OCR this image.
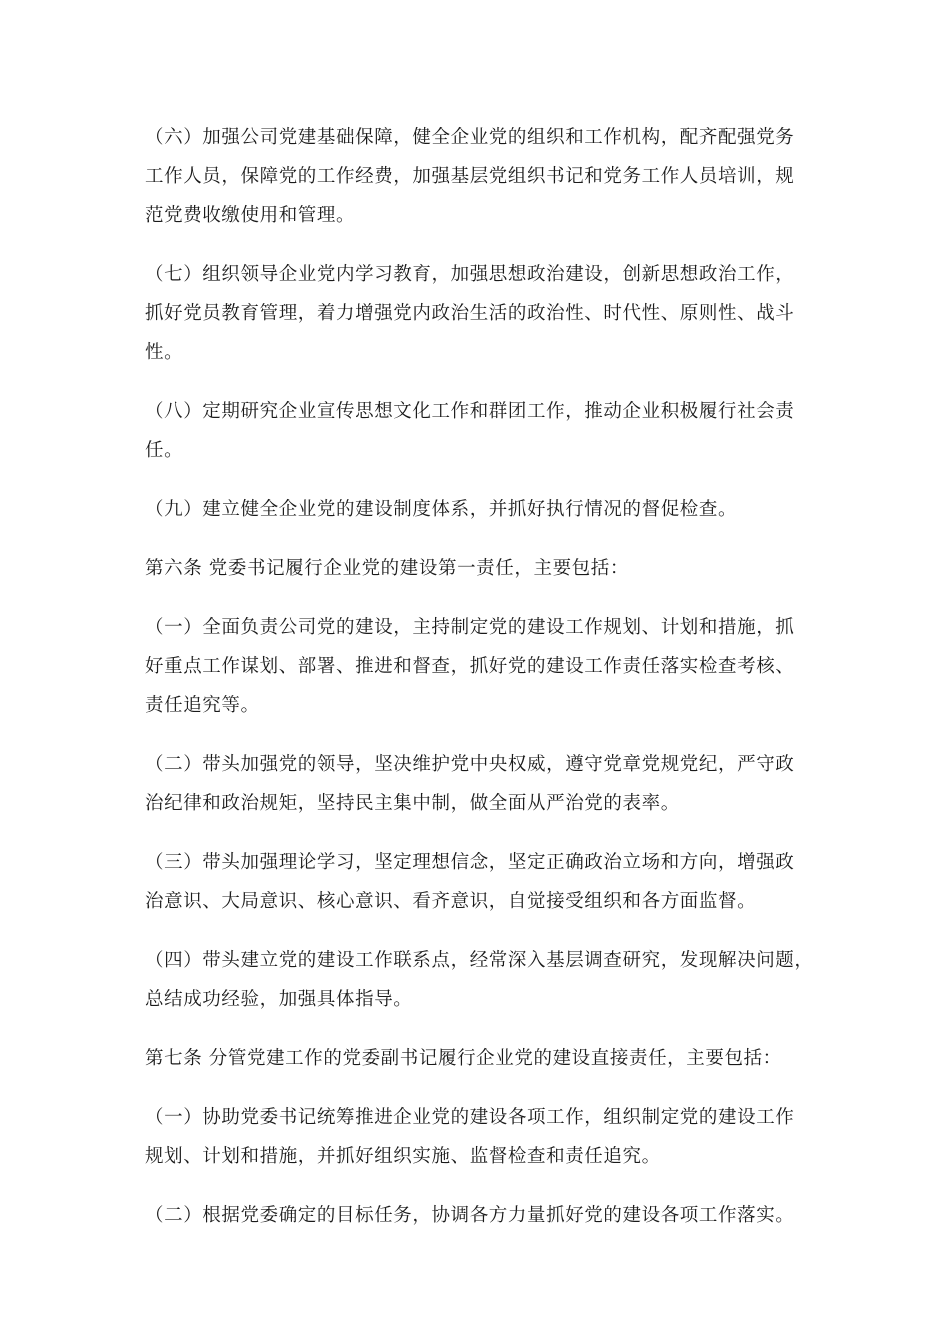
（六）加强公司党建基础保障，健全企业党的组织和工作机构，配齐配强党务
工作人员，保障党的工作经费，加强基层党组织书记和党务工作人员培训，规
范党费收缴使用和管理。

（七）组织领导企业党内学习教育，加强思想政治建设，创新思想政治工作，
抓好党员教育管理，着力增强党内政治生活的政治性、时代性、原则性、战斗
性。

（八）定期研究企业宣传思想文化工作和群团工作，推动企业积极履行社会责
任。

（九）建立健全企业党的建设制度体系，并抓好执行情况的督促检查。

第六条 党委书记履行企业党的建设第一责任，主要包括：

（一）全面负责公司党的建设，主持制定党的建设工作规划、计划和措施，抓
好重点工作谋划、部署、推进和督查，抓好党的建设工作责任落实检查考核、
责任追究等。

（二）带头加强党的领导，坚决维护党中央权威，遵守党章党规党纪，严守政
治纪律和政治规矩，坚持民主集中制，做全面从严治党的表率。

（三）带头加强理论学习，坚定理想信念，坚定正确政治立场和方向，增强政
治意识、大局意识、核心意识、看齐意识，自觉接受组织和各方面监督。

（四）带头建立党的建设工作联系点，经常深入基层调查研究，发现解决问题，
总结成功经验，加强具体指导。

第七条 分管党建工作的党委副书记履行企业党的建设直接责任，主要包括：

（一）协助党委书记统筹推进企业党的建设各项工作，组织制定党的建设工作
规划、计划和措施，并抓好组织实施、监督检查和责任追究。

（二）根据党委确定的目标任务，协调各方力量抓好党的建设各项工作落实。
